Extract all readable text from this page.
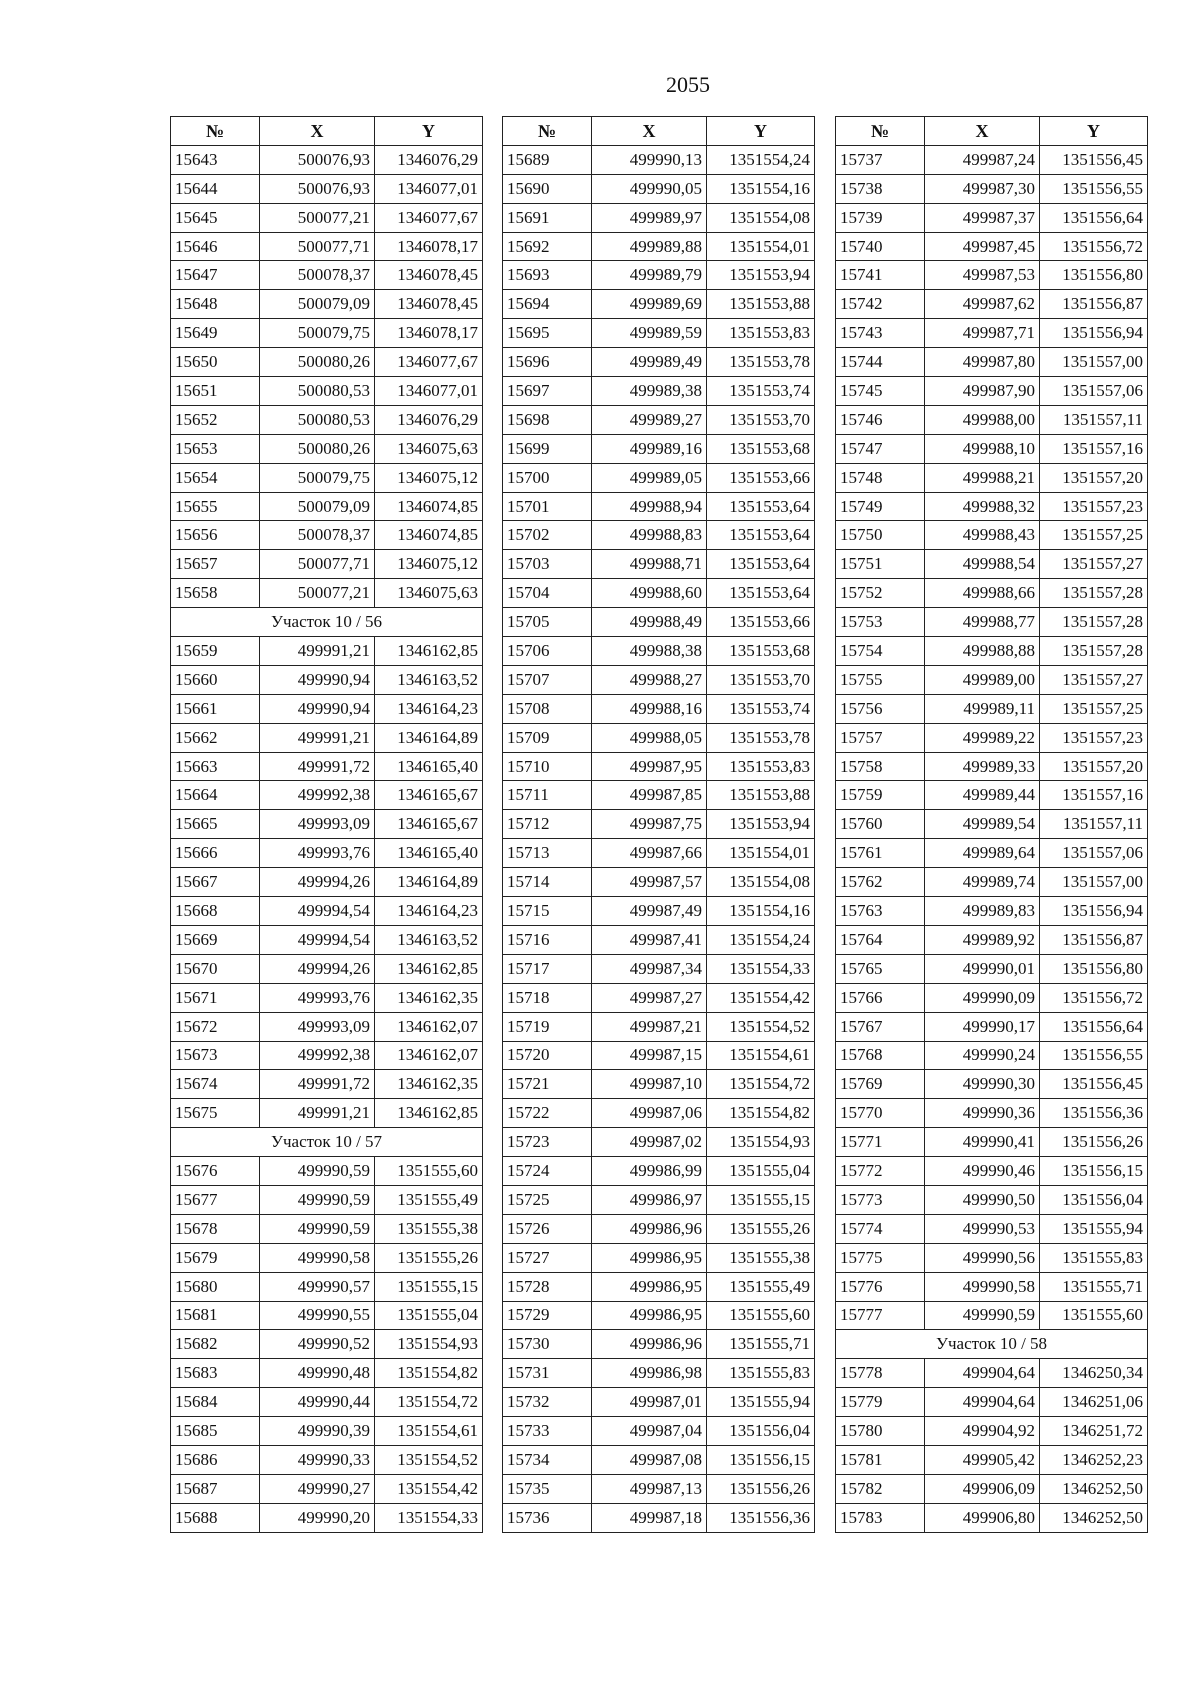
2055
№	X	Y
15643	500076,93	1346076,29
15644	500076,93	1346077,01
15645	500077,21	1346077,67
15646	500077,71	1346078,17
15647	500078,37	1346078,45
15648	500079,09	1346078,45
15649	500079,75	1346078,17
15650	500080,26	1346077,67
15651	500080,53	1346077,01
15652	500080,53	1346076,29
15653	500080,26	1346075,63
15654	500079,75	1346075,12
15655	500079,09	1346074,85
15656	500078,37	1346074,85
15657	500077,71	1346075,12
15658	500077,21	1346075,63
Участок 10 / 56		
15659	499991,21	1346162,85
15660	499990,94	1346163,52
15661	499990,94	1346164,23
15662	499991,21	1346164,89
15663	499991,72	1346165,40
15664	499992,38	1346165,67
15665	499993,09	1346165,67
15666	499993,76	1346165,40
15667	499994,26	1346164,89
15668	499994,54	1346164,23
15669	499994,54	1346163,52
15670	499994,26	1346162,85
15671	499993,76	1346162,35
15672	499993,09	1346162,07
15673	499992,38	1346162,07
15674	499991,72	1346162,35
15675	499991,21	1346162,85
Участок 10 / 57		
15676	499990,59	1351555,60
15677	499990,59	1351555,49
15678	499990,59	1351555,38
15679	499990,58	1351555,26
15680	499990,57	1351555,15
15681	499990,55	1351555,04
15682	499990,52	1351554,93
15683	499990,48	1351554,82
15684	499990,44	1351554,72
15685	499990,39	1351554,61
15686	499990,33	1351554,52
15687	499990,27	1351554,42
15688	499990,20	1351554,33
№	X	Y
15689	499990,13	1351554,24
15690	499990,05	1351554,16
15691	499989,97	1351554,08
15692	499989,88	1351554,01
15693	499989,79	1351553,94
15694	499989,69	1351553,88
15695	499989,59	1351553,83
15696	499989,49	1351553,78
15697	499989,38	1351553,74
15698	499989,27	1351553,70
15699	499989,16	1351553,68
15700	499989,05	1351553,66
15701	499988,94	1351553,64
15702	499988,83	1351553,64
15703	499988,71	1351553,64
15704	499988,60	1351553,64
15705	499988,49	1351553,66
15706	499988,38	1351553,68
15707	499988,27	1351553,70
15708	499988,16	1351553,74
15709	499988,05	1351553,78
15710	499987,95	1351553,83
15711	499987,85	1351553,88
15712	499987,75	1351553,94
15713	499987,66	1351554,01
15714	499987,57	1351554,08
15715	499987,49	1351554,16
15716	499987,41	1351554,24
15717	499987,34	1351554,33
15718	499987,27	1351554,42
15719	499987,21	1351554,52
15720	499987,15	1351554,61
15721	499987,10	1351554,72
15722	499987,06	1351554,82
15723	499987,02	1351554,93
15724	499986,99	1351555,04
15725	499986,97	1351555,15
15726	499986,96	1351555,26
15727	499986,95	1351555,38
15728	499986,95	1351555,49
15729	499986,95	1351555,60
15730	499986,96	1351555,71
15731	499986,98	1351555,83
15732	499987,01	1351555,94
15733	499987,04	1351556,04
15734	499987,08	1351556,15
15735	499987,13	1351556,26
15736	499987,18	1351556,36
№	X	Y
15737	499987,24	1351556,45
15738	499987,30	1351556,55
15739	499987,37	1351556,64
15740	499987,45	1351556,72
15741	499987,53	1351556,80
15742	499987,62	1351556,87
15743	499987,71	1351556,94
15744	499987,80	1351557,00
15745	499987,90	1351557,06
15746	499988,00	1351557,11
15747	499988,10	1351557,16
15748	499988,21	1351557,20
15749	499988,32	1351557,23
15750	499988,43	1351557,25
15751	499988,54	1351557,27
15752	499988,66	1351557,28
15753	499988,77	1351557,28
15754	499988,88	1351557,28
15755	499989,00	1351557,27
15756	499989,11	1351557,25
15757	499989,22	1351557,23
15758	499989,33	1351557,20
15759	499989,44	1351557,16
15760	499989,54	1351557,11
15761	499989,64	1351557,06
15762	499989,74	1351557,00
15763	499989,83	1351556,94
15764	499989,92	1351556,87
15765	499990,01	1351556,80
15766	499990,09	1351556,72
15767	499990,17	1351556,64
15768	499990,24	1351556,55
15769	499990,30	1351556,45
15770	499990,36	1351556,36
15771	499990,41	1351556,26
15772	499990,46	1351556,15
15773	499990,50	1351556,04
15774	499990,53	1351555,94
15775	499990,56	1351555,83
15776	499990,58	1351555,71
15777	499990,59	1351555,60
Участок 10 / 58		
15778	499904,64	1346250,34
15779	499904,64	1346251,06
15780	499904,92	1346251,72
15781	499905,42	1346252,23
15782	499906,09	1346252,50
15783	499906,80	1346252,50
